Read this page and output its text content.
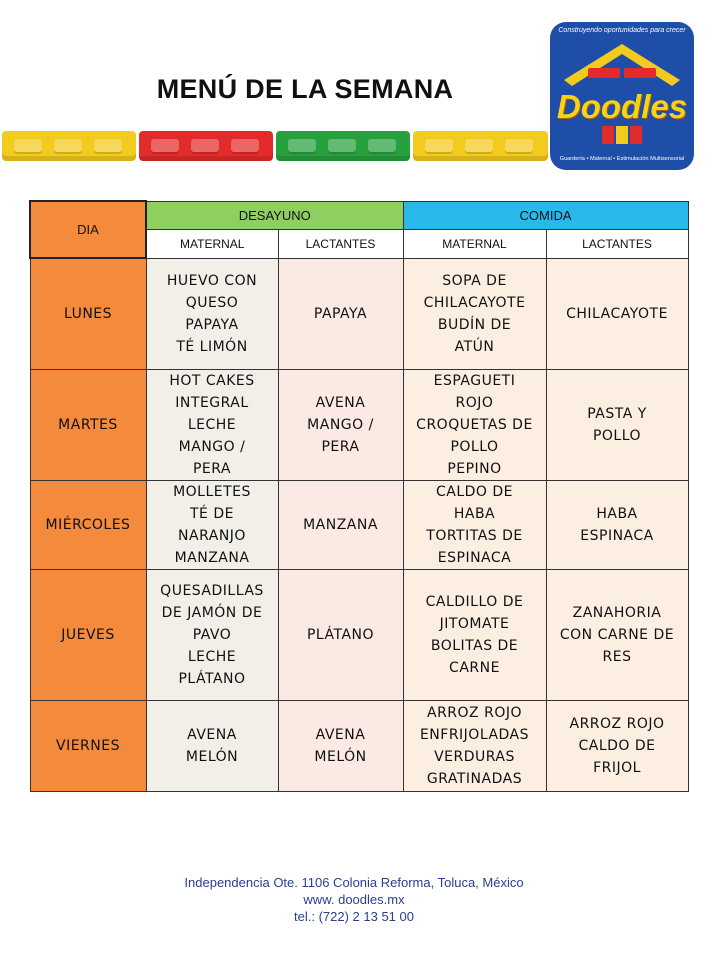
MENÚ DE LA SEMANA
Construyendo oportunidades para crecer
Doodles
Guardería • Maternal • Estimulación Multisensorial
DIA	DESAYUNO		COMIDA	
	MATERNAL	LACTANTES	MATERNAL	LACTANTES
LUNES	HUEVO CON
QUESO
PAPAYA
TÉ LIMÓN	PAPAYA	SOPA DE
CHILACAYOTE
BUDÍN DE
ATÚN	CHILACAYOTE

MARTES	HOT CAKES
INTEGRAL
LECHE
MANGO /
PERA	AVENA
MANGO /
PERA	ESPAGUETI
ROJO
CROQUETAS DE
POLLO
PEPINO	PASTA Y
POLLO

MIÉRCOLES	MOLLETES
TÉ DE
NARANJO
MANZANA	MANZANA	CALDO DE
HABA
TORTITAS DE
ESPINACA	HABA
ESPINACA

JUEVES	QUESADILLAS
DE JAMÓN DE
PAVO
LECHE
PLÁTANO	PLÁTANO	CALDILLO DE
JITOMATE
BOLITAS DE
CARNE	ZANAHORIA
CON CARNE DE
RES

VIERNES	AVENA
MELÓN	AVENA
MELÓN	ARROZ ROJO
ENFRIJOLADAS
VERDURAS
GRATINADAS	ARROZ ROJO
CALDO DE
FRIJOL
Independencia Ote. 1106 Colonia Reforma, Toluca, México
www. doodles.mx
tel.: (722) 2 13 51 00
